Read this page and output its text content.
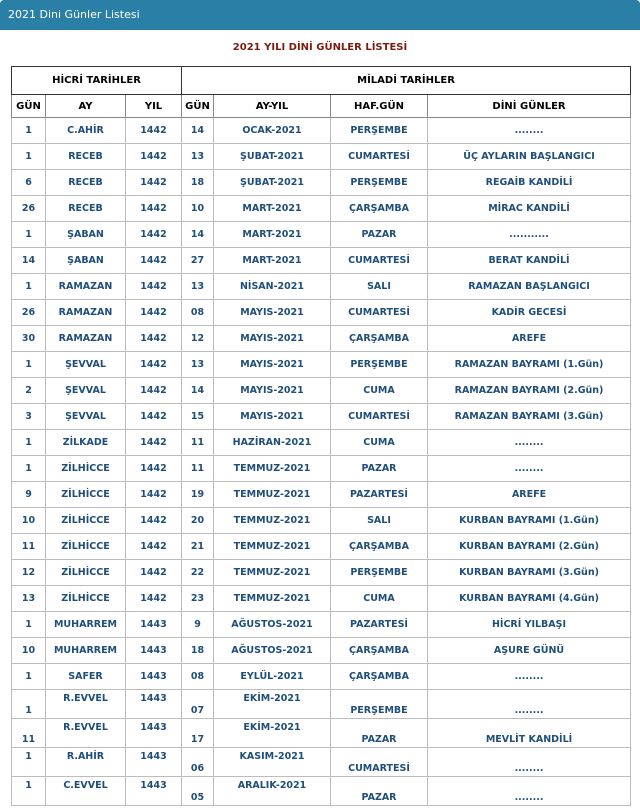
2021 Dini Günler Listesi
2021 YILI DİNİ GÜNLER LİSTESİ
HİCRİ TARİHLER			MİLADİ TARİHLER			
GÜN	AY	YIL	GÜN	AY-YIL	HAF.GÜN	DİNİ GÜNLER
1	C.AHİR	1442	14	OCAK-2021	PERŞEMBE	........
1	RECEB	1442	13	ŞUBAT-2021	CUMARTESİ	ÜÇ AYLARIN BAŞLANGICI
6	RECEB	1442	18	ŞUBAT-2021	PERŞEMBE	REGAİB KANDİLİ
26	RECEB	1442	10	MART-2021	ÇARŞAMBA	MİRAC KANDİLİ
1	ŞABAN	1442	14	MART-2021	PAZAR	...........
14	ŞABAN	1442	27	MART-2021	CUMARTESİ	BERAT KANDİLİ
1	RAMAZAN	1442	13	NİSAN-2021	SALI	RAMAZAN BAŞLANGICI
26	RAMAZAN	1442	08	MAYIS-2021	CUMARTESİ	KADİR GECESİ
30	RAMAZAN	1442	12	MAYIS-2021	ÇARŞAMBA	AREFE
1	ŞEVVAL	1442	13	MAYIS-2021	PERŞEMBE	RAMAZAN BAYRAMI (1.Gün)
2	ŞEVVAL	1442	14	MAYIS-2021	CUMA	RAMAZAN BAYRAMI (2.Gün)
3	ŞEVVAL	1442	15	MAYIS-2021	CUMARTESİ	RAMAZAN BAYRAMI (3.Gün)
1	ZİLKADE	1442	11	HAZİRAN-2021	CUMA	........
1	ZİLHİCCE	1442	11	TEMMUZ-2021	PAZAR	........
9	ZİLHİCCE	1442	19	TEMMUZ-2021	PAZARTESİ	AREFE
10	ZİLHİCCE	1442	20	TEMMUZ-2021	SALI	KURBAN BAYRAMI (1.Gün)
11	ZİLHİCCE	1442	21	TEMMUZ-2021	ÇARŞAMBA	KURBAN BAYRAMI (2.Gün)
12	ZİLHİCCE	1442	22	TEMMUZ-2021	PERŞEMBE	KURBAN BAYRAMI (3.Gün)
13	ZİLHİCCE	1442	23	TEMMUZ-2021	CUMA	KURBAN BAYRAMI (4.Gün)
1	MUHARREM	1443	9	AĞUSTOS-2021	PAZARTESİ	HİCRİ YILBAŞI
10	MUHARREM	1443	18	AĞUSTOS-2021	ÇARŞAMBA	AŞURE GÜNÜ
1	SAFER	1443	08	EYLÜL-2021	ÇARŞAMBA	........
1	R.EVVEL	1443	07	EKİM-2021	PERŞEMBE	........
11	R.EVVEL	1443	17	EKİM-2021	PAZAR	MEVLİT KANDİLİ
1	R.AHİR	1443	06	KASIM-2021	CUMARTESİ	........
1	C.EVVEL	1443	05	ARALIK-2021	PAZAR	........
